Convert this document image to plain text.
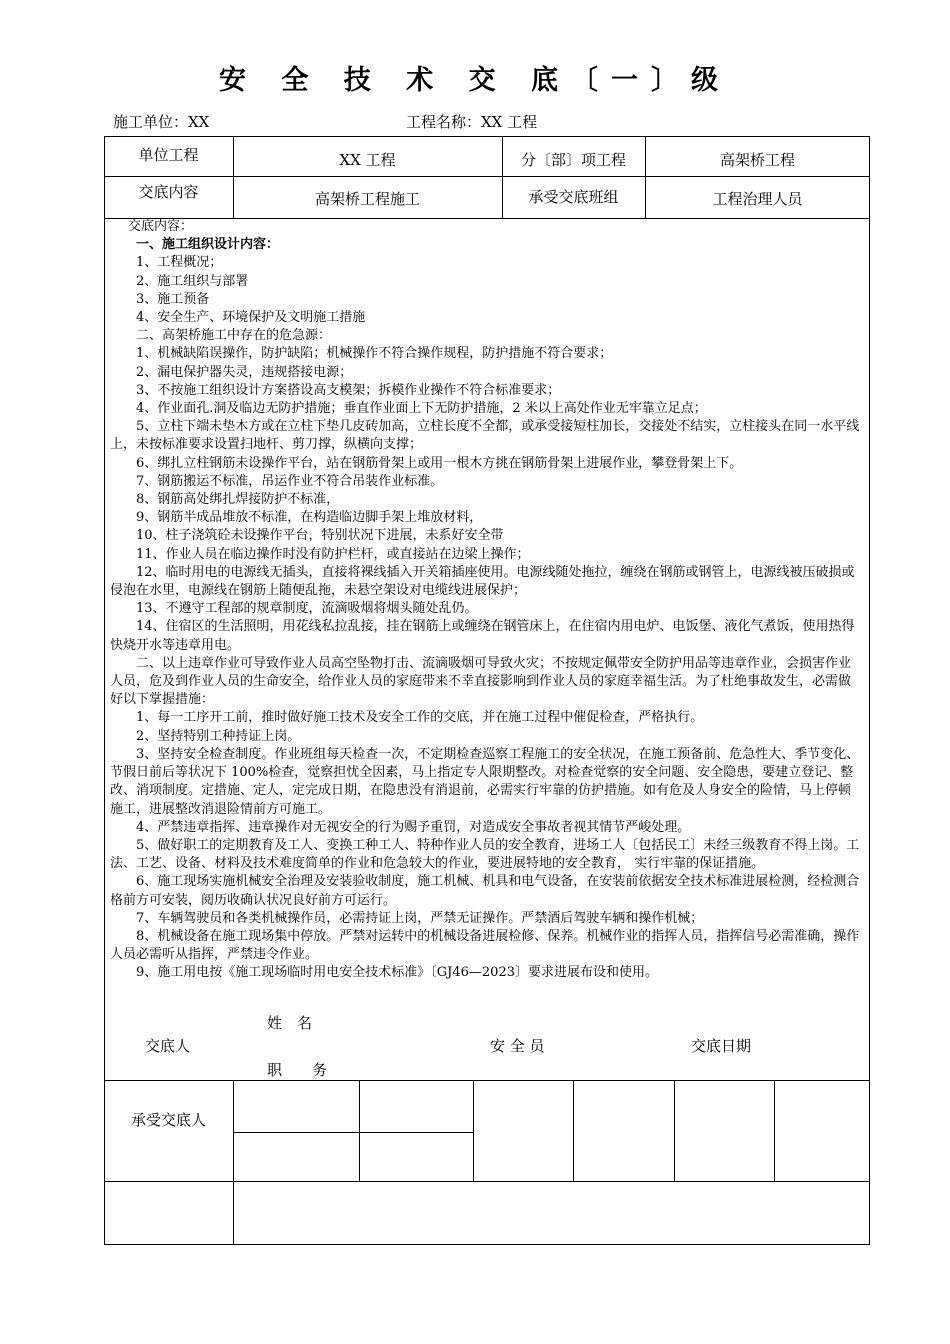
安 全 技 术 交 底〔一〕级
施工单位：XX	工程名称：XX 工程
单位工程	XX 工程	分〔部〕项工程	高架桥工程
交底内容	高架桥工程施工	承受交底班组	工程治理人员

交底内容：

一、施工组织设计内容：

1、工程概况；

2、施工组织与部署

3、施工预备

4、安全生产、环境保护及文明施工措施

二、高架桥施工中存在的危急源：

1、机械缺陷误操作，防护缺陷；机械操作不符合操作规程，防护措施不符合要求；

2、漏电保护器失灵，违规搭接电源；

3、不按施工组织设计方案搭设高支模架；拆模作业操作不符合标准要求；

4、作业面孔.洞及临边无防护措施；垂直作业面上下无防护措施，2 米以上高处作业无牢靠立足点；

5、立柱下端未垫木方或在立柱下垫几皮砖加高，立柱长度不全都，或承受接短柱加长，交接处不结实，立柱接头在同一水平线上，未按标准要求设置扫地杆、剪刀撑，纵横向支撑；

6、绑扎立柱钢筋未设操作平台，站在钢筋骨架上或用一根木方挑在钢筋骨架上进展作业，攀登骨架上下。

7、钢筋搬运不标准，吊运作业不符合吊装作业标准。

8、钢筋高处绑扎焊接防护不标准，

9、钢筋半成品堆放不标准，在构造临边脚手架上堆放材料，

10、柱子浇筑砼未设操作平台，特别状况下进展，未系好安全带

11、作业人员在临边操作时没有防护栏杆，或直接站在边梁上操作；

12、临时用电的电源线无插头，直接将裸线插入开关箱插座使用。电源线随处拖拉，缠绕在钢筋或钢管上，电源线被压破损或侵泡在水里，电源线在钢筋上随便乱拖，未悬空架设对电缆线进展保护；

13、不遵守工程部的规章制度，流滴吸烟将烟头随处乱仍。

14、住宿区的生活照明，用花线私拉乱接，挂在钢筋上或缠绕在钢管床上，在住宿内用电炉、电饭堡、液化气煮饭，使用热得快烧开水等违章用电。

二、以上违章作业可导致作业人员高空坠物打击、流滴吸烟可导致火灾；不按规定佩带安全防护用品等违章作业，会损害作业人员，危及到作业人员的生命安全，给作业人员的家庭带来不幸直接影响到作业人员的家庭幸福生活。为了杜绝事故发生，必需做好以下掌握措施：

1、每一工序开工前，推时做好施工技术及安全工作的交底，并在施工过程中催促检查，严格执行。

2、坚持特别工种持证上岗。

3、坚持安全检查制度。作业班组每天检查一次，不定期检查巡察工程施工的安全状况，在施工预备前、危急性大、季节变化、节假日前后等状况下 100%检查，觉察担忧全因素，马上指定专人限期整改。对检查觉察的安全问题、安全隐患，要建立登记、整改、消项制度。定措施、定人，定完成日期，在隐患没有消退前，必需实行牢靠的仿护措施。如有危及人身安全的险情，马上停顿施工，进展整改消退险情前方可施工。

4、严禁违章指挥、违章操作对无视安全的行为赐予重罚，对造成安全事故者视其情节严峻处理。

5、做好职工的定期教育及工人、变换工种工人、特种作业人员的安全教育，进场工人〔包括民工〕未经三级教育不得上岗。工法、工艺、设备、材料及技术难度简单的作业和危急较大的作业，要进展特地的安全教育， 实行牢靠的保证措施。

6、施工现场实施机械安全治理及安装验收制度，施工机械、机具和电气设备，在安装前依据安全技术标准进展检测，经检测合格前方可安装，阅历收确认状况良好前方可运行。

7、车辆驾驶员和各类机械操作员，必需持证上岗，严禁无证操作。严禁酒后驾驶车辆和操作机械；

8、机械设备在施工现场集中停放。严禁对运转中的机械设备进展检修、保养。机械作业的指挥人员，指挥信号必需准确，操作人员必需听从指挥，严禁违令作业。

9、施工用电按《施工现场临时用电安全技术标准》〔GJ46—2023〕要求进展布设和使用。

姓　名
交底人	安 全 员	交底日期
职　　务
承受交底人
